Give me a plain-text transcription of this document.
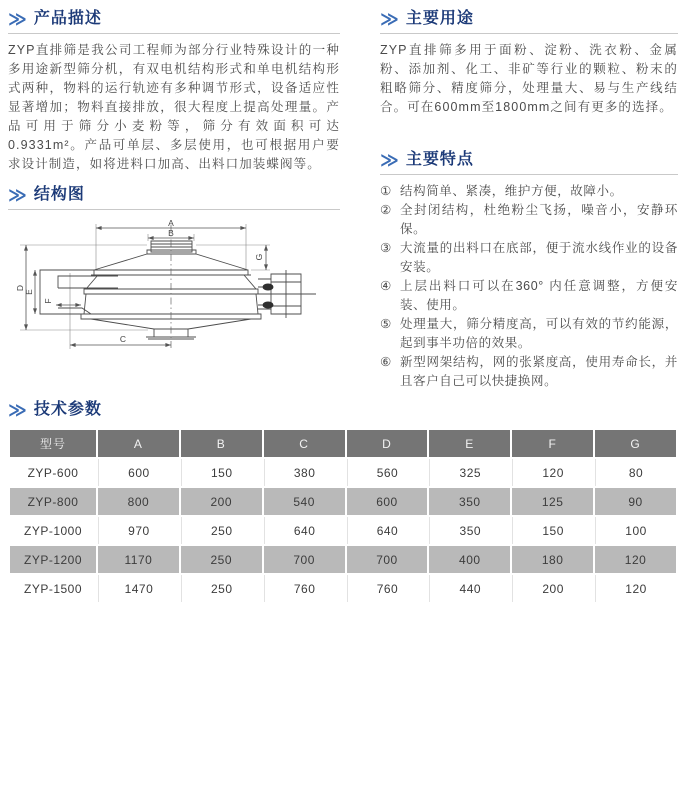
≫ 产品描述

ZYP直排筛是我公司工程师为部分行业特殊设计的一种多用途新型筛分机，有双电机结构形式和单电机结构形式两种，物料的运行轨迹有多种调节形式，设备适应性显著增加；物料直接排放，很大程度上提高处理量。产品可用于筛分小麦粉等，筛分有效面积可达0.9331m²。产品可单层、多层使用，也可根据用户要求设计制造，如将进料口加高、出料口加装蝶阀等。

≫ 结构图
A
B
C
D
E
F
G
≫ 主要用途

ZYP直排筛多用于面粉、淀粉、洗衣粉、金属粉、添加剂、化工、非矿等行业的颗粒、粉末的粗略筛分、精度筛分，处理量大、易与生产线结合。可在600mm至1800mm之间有更多的选择。

≫ 主要特点
① 结构简单、紧凑，维护方便，故障小。
② 全封闭结构，杜绝粉尘飞扬，噪音小，安静环保。
③ 大流量的出料口在底部，便于流水线作业的设备安装。
④ 上层出料口可以在360° 内任意调整，方便安装、使用。
⑤ 处理量大，筛分精度高，可以有效的节约能源，起到事半功倍的效果。
⑥ 新型网架结构，网的张紧度高，使用寿命长，并且客户自己可以快捷换网。
≫ 技术参数
型号	A	B	C	D	E	F	G
ZYP-600	600	150	380	560	325	120	80
ZYP-800	800	200	540	600	350	125	90
ZYP-1000	970	250	640	640	350	150	100
ZYP-1200	1170	250	700	700	400	180	120
ZYP-1500	1470	250	760	760	440	200	120
